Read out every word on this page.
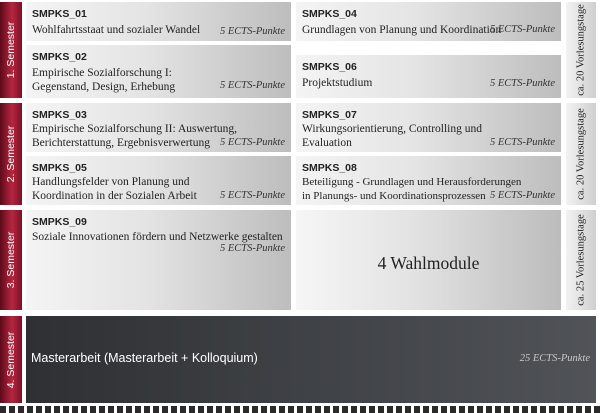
1. Semester
2. Semester
3. Semester
4. Semester
SMPKS_01
Wohlfahrtsstaat und sozialer Wandel 5 ECTS-Punkte
SMPKS_02
Empirische Sozialforschung I:
Gegenstand, Design, Erhebung	5 ECTS-Punkte
SMPKS_03
Empirische Sozialforschung II: Auswertung,
Berichterstattung, Ergebnisverwertung 5 ECTS-Punkte
SMPKS_05
Handlungsfelder von Planung und
Koordination in der Sozialen Arbeit 5 ECTS-Punkte
SMPKS_09
Soziale Innovationen fördern und Netzwerke gestalten
5 ECTS-Punkte
SMPKS_04
Grundlagen von Planung und Koordination
5 ECTS-Punkte
SMPKS_06
Projektstudium	5 ECTS-Punkte
SMPKS_07
Wirkungsorientierung, Controlling und
Evaluation	5 ECTS-Punkte
SMPKS_08
Beteiligung - Grundlagen und Herausforderungen
in Planungs- und Koordinationsprozessen 5 ECTS-Punkte
4 Wahlmodule
ca. 20 Vorlesungstage
ca. 20 Vorlesungstage
ca. 25 Vorlesungstage
Masterarbeit (Masterarbeit + Kolloquium)	25 ECTS-Punkte
